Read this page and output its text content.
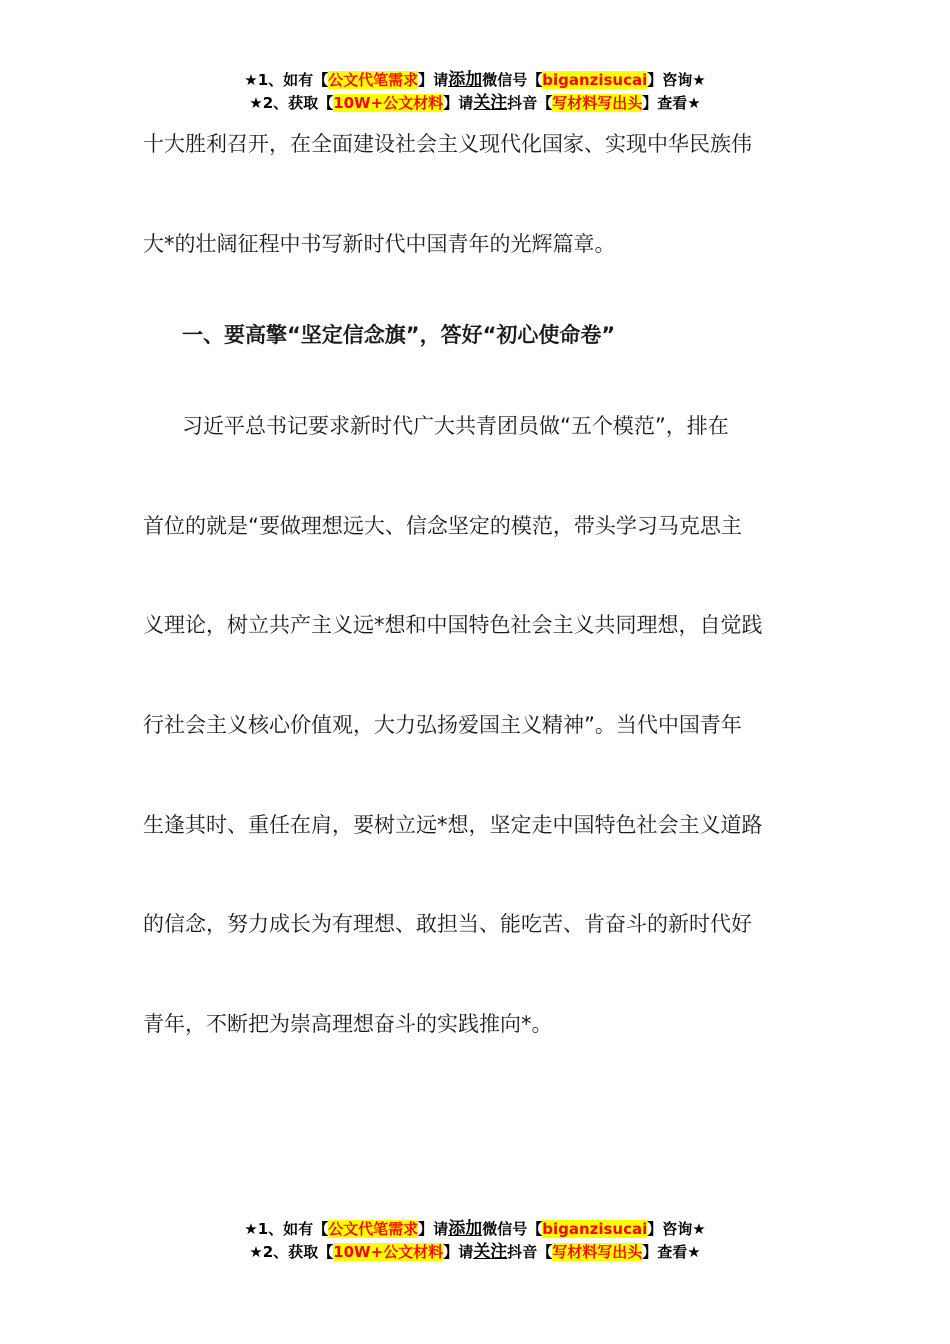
★1、如有【公文代笔需求】请添加微信号【biganzisucai】咨询★
★2、获取【10W+公文材料】请关注抖音【写材料写出头】查看★
十大胜利召开，在全面建设社会主义现代化国家、实现中华民族伟
大*的壮阔征程中书写新时代中国青年的光辉篇章。
一、要高擎“坚定信念旗”，答好“初心使命卷”
习近平总书记要求新时代广大共青团员做“五个模范”，排在
首位的就是“要做理想远大、信念坚定的模范，带头学习马克思主
义理论，树立共产主义远*想和中国特色社会主义共同理想，自觉践
行社会主义核心价值观，大力弘扬爱国主义精神”。当代中国青年
生逢其时、重任在肩，要树立远*想，坚定走中国特色社会主义道路
的信念，努力成长为有理想、敢担当、能吃苦、肯奋斗的新时代好
青年，不断把为崇高理想奋斗的实践推向*。
★1、如有【公文代笔需求】请添加微信号【biganzisucai】咨询★
★2、获取【10W+公文材料】请关注抖音【写材料写出头】查看★
